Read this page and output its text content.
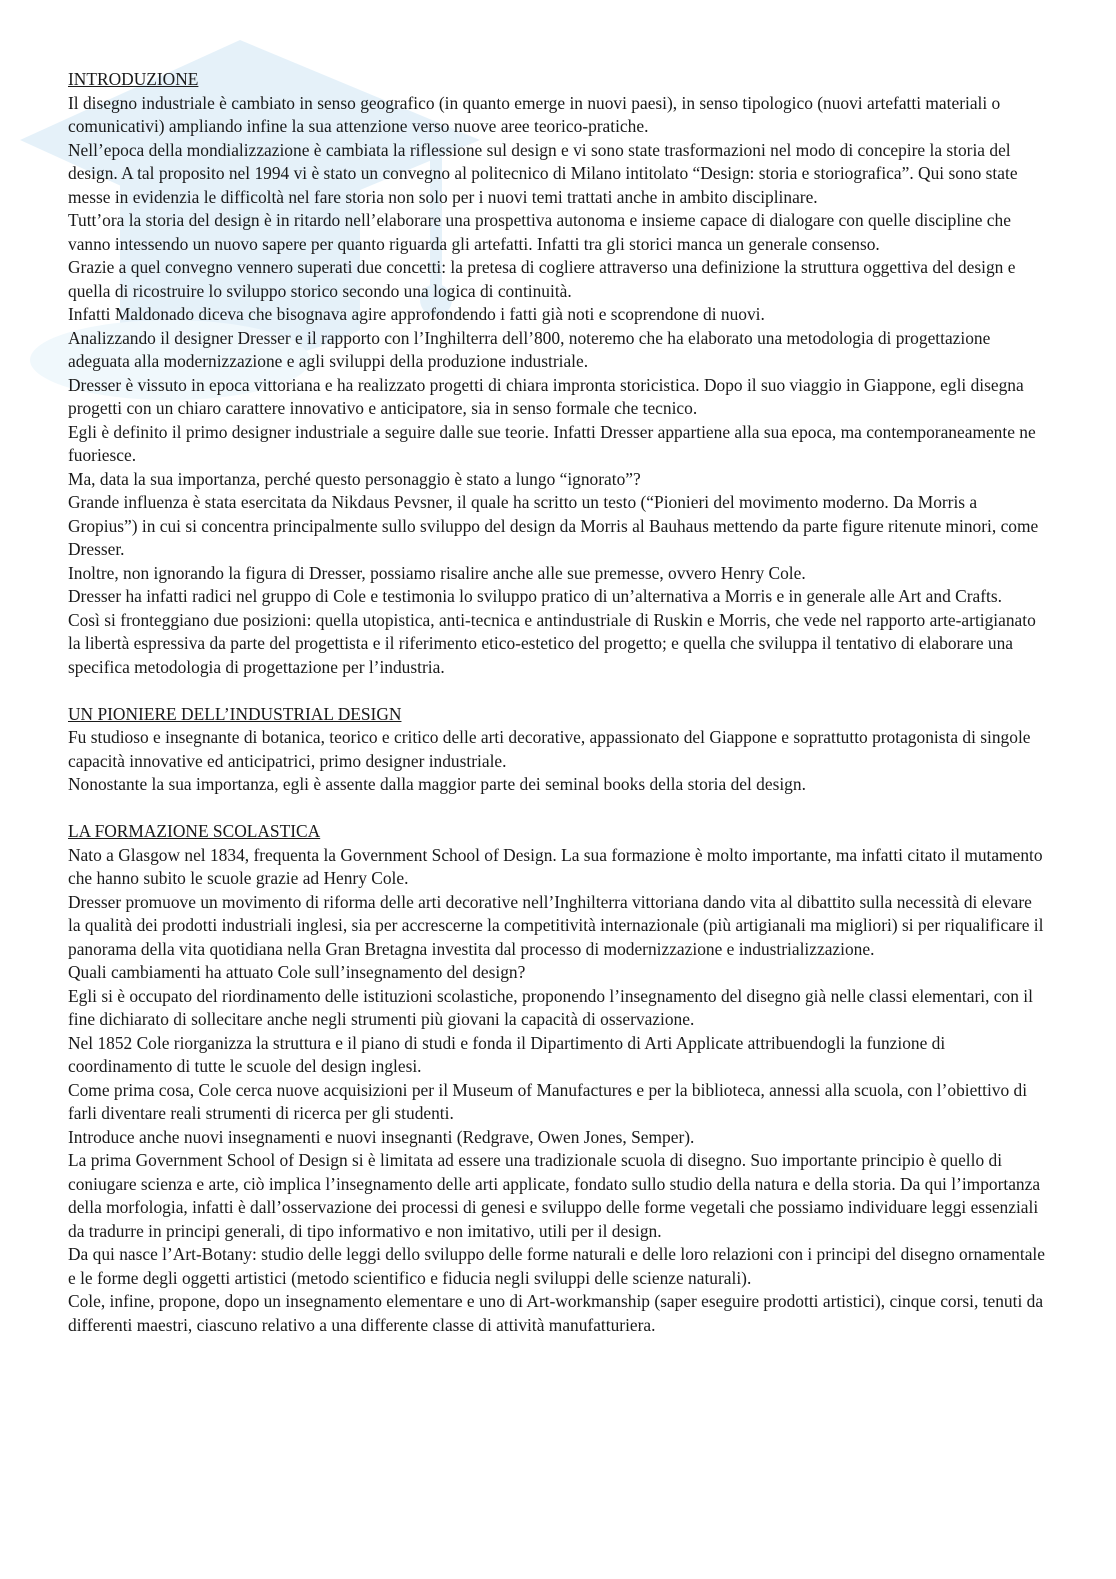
INTRODUZIONE

Il disegno industriale è cambiato in senso geografico (in quanto emerge in nuovi paesi), in senso tipologico (nuovi artefatti materiali o comunicativi) ampliando infine la sua attenzione verso nuove aree teorico-pratiche.

Nell’epoca della mondializzazione è cambiata la riflessione sul design e vi sono state trasformazioni nel modo di concepire la storia del design. A tal proposito nel 1994 vi è stato un convegno al politecnico di Milano intitolato “Design: storia e storiografica”. Qui sono state messe in evidenzia le difficoltà nel fare storia non solo per i nuovi temi trattati anche in ambito disciplinare.

Tutt’ora la storia del design è in ritardo nell’elaborare una prospettiva autonoma e insieme capace di dialogare con quelle discipline che vanno intessendo un nuovo sapere per quanto riguarda gli artefatti. Infatti tra gli storici manca un generale consenso.

Grazie a quel convegno vennero superati due concetti: la pretesa di cogliere attraverso una definizione la struttura oggettiva del design e quella di ricostruire lo sviluppo storico secondo una logica di continuità.

Infatti Maldonado diceva che bisognava agire approfondendo i fatti già noti e scoprendone di nuovi.

Analizzando il designer Dresser e il rapporto con l’Inghilterra dell’800, noteremo che ha elaborato una metodologia di progettazione adeguata alla modernizzazione e agli sviluppi della produzione industriale.

Dresser è vissuto in epoca vittoriana e ha realizzato progetti di chiara impronta storicistica. Dopo il suo viaggio in Giappone, egli disegna progetti con un chiaro carattere innovativo e anticipatore, sia in senso formale che tecnico.

Egli è definito il primo designer industriale a seguire dalle sue teorie. Infatti Dresser appartiene alla sua epoca, ma contemporaneamente ne fuoriesce.

Ma, data la sua importanza, perché questo personaggio è stato a lungo “ignorato”?

Grande influenza è stata esercitata da Nikdaus Pevsner, il quale ha scritto un testo (“Pionieri del movimento moderno. Da Morris a Gropius”) in cui si concentra principalmente sullo sviluppo del design da Morris al Bauhaus mettendo da parte figure ritenute minori, come Dresser.

Inoltre, non ignorando la figura di Dresser, possiamo risalire anche alle sue premesse, ovvero Henry Cole.

Dresser ha infatti radici nel gruppo di Cole e testimonia lo sviluppo pratico di un’alternativa a Morris e in generale alle Art and Crafts.

Così si fronteggiano due posizioni: quella utopistica, anti-tecnica e antindustriale di Ruskin e Morris, che vede nel rapporto arte-artigianato la libertà espressiva da parte del progettista e il riferimento etico-estetico del progetto; e quella che sviluppa il tentativo di elaborare una specifica metodologia di progettazione per l’industria.

UN PIONIERE DELL’INDUSTRIAL DESIGN

Fu studioso e insegnante di botanica, teorico e critico delle arti decorative, appassionato del Giappone e soprattutto protagonista di singole capacità innovative ed anticipatrici, primo designer industriale.

Nonostante la sua importanza, egli è assente dalla maggior parte dei seminal books della storia del design.

LA FORMAZIONE SCOLASTICA

Nato a Glasgow nel 1834, frequenta la Government School of Design. La sua formazione è molto importante, ma infatti citato il mutamento che hanno subito le scuole grazie ad Henry Cole.

Dresser promuove un movimento di riforma delle arti decorative nell’Inghilterra vittoriana dando vita al dibattito sulla necessità di elevare la qualità dei prodotti industriali inglesi, sia per accrescerne la competitività internazionale (più artigianali ma migliori) si per riqualificare il panorama della vita quotidiana nella Gran Bretagna investita dal processo di modernizzazione e industrializzazione.

Quali cambiamenti ha attuato Cole sull’insegnamento del design?

Egli si è occupato del riordinamento delle istituzioni scolastiche, proponendo l’insegnamento del disegno già nelle classi elementari, con il fine dichiarato di sollecitare anche negli strumenti più giovani la capacità di osservazione.

Nel 1852 Cole riorganizza la struttura e il piano di studi e fonda il Dipartimento di Arti Applicate attribuendogli la funzione di coordinamento di tutte le scuole del design inglesi.

Come prima cosa, Cole cerca nuove acquisizioni per il Museum of Manufactures e per la biblioteca, annessi alla scuola, con l’obiettivo di farli diventare reali strumenti di ricerca per gli studenti.

Introduce anche nuovi insegnamenti e nuovi insegnanti (Redgrave, Owen Jones, Semper).

La prima Government School of Design si è limitata ad essere una tradizionale scuola di disegno. Suo importante principio è quello di coniugare scienza e arte, ciò implica l’insegnamento delle arti applicate, fondato sullo studio della natura e della storia. Da qui l’importanza della morfologia, infatti è dall’osservazione dei processi di genesi e sviluppo delle forme vegetali che possiamo individuare leggi essenziali da tradurre in principi generali, di tipo informativo e non imitativo, utili per il design.

Da qui nasce l’Art-Botany: studio delle leggi dello sviluppo delle forme naturali e delle loro relazioni con i principi del disegno ornamentale e le forme degli oggetti artistici (metodo scientifico e fiducia negli sviluppi delle scienze naturali).

Cole, infine, propone, dopo un insegnamento elementare e uno di Art-workmanship (saper eseguire prodotti artistici), cinque corsi, tenuti da differenti maestri, ciascuno relativo a una differente classe di attività manufatturiera.
